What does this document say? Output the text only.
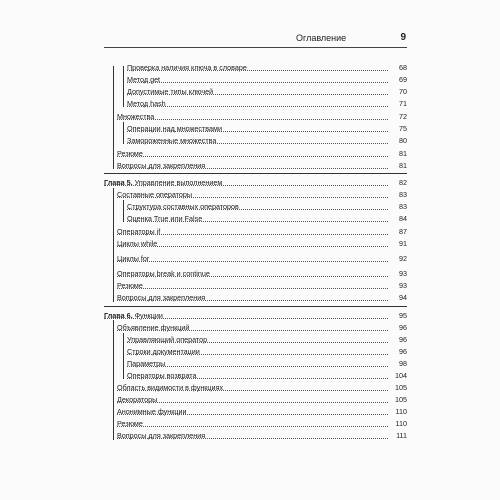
Оглавление	9
Проверка наличия ключа в словаре	68
Метод get	69
Допустимые типы ключей	70
Метод hash	71
Множества	72
Операции над множествами	75
Замороженные множества	80
Резюме	81
Вопросы для закрепления	81
Глава 5. Управление выполнением	82
Составные операторы	83
Структура составных операторов	83
Оценка True или False	84
Операторы if	87
Циклы while	91
Циклы for	92
Операторы break и continue	93
Резюме	93
Вопросы для закрепления	94
Глава 6. Функции	95
Объявление функций	96
Управляющий оператор	96
Строки документации	96
Параметры	98
Операторы возврата	104
Область видимости в функциях	105
Декораторы	105
Анонимные функции	110
Резюме	110
Вопросы для закрепления	111
